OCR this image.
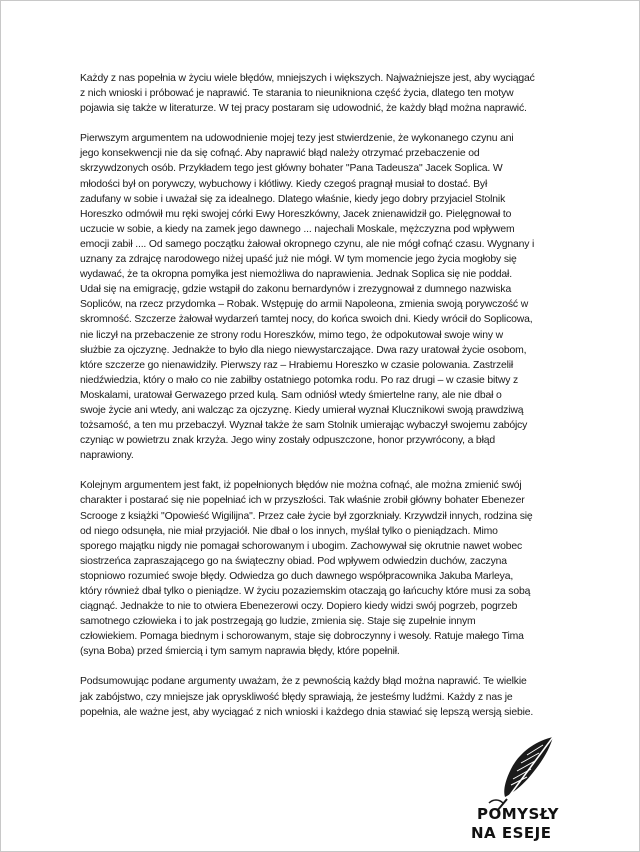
Każdy z nas popełnia w życiu wiele błędów, mniejszych i większych. Najważniejsze jest, aby wyciągać
z nich wnioski i próbować je naprawić. Te starania to nieunikniona część życia, dlatego ten motyw
pojawia się także w literaturze. W tej pracy postaram się udowodnić, że każdy błąd można naprawić.

Pierwszym argumentem na udowodnienie mojej tezy jest stwierdzenie, że wykonanego czynu ani
jego konsekwencji nie da się cofnąć. Aby naprawić błąd należy otrzymać przebaczenie od
skrzywdzonych osób. Przykładem tego jest główny bohater "Pana Tadeusza" Jacek Soplica. W
młodości był on porywczy, wybuchowy i kłótliwy. Kiedy czegoś pragnął musiał to dostać. Był
zadufany w sobie i uważał się za idealnego. Dlatego właśnie, kiedy jego dobry przyjaciel Stolnik
Horeszko odmówił mu ręki swojej córki Ewy Horeszkówny, Jacek znienawidził go. Pielęgnował to
uczucie w sobie, a kiedy na zamek jego dawnego ... najechali Moskale, mężczyzna pod wpływem
emocji zabił .... Od samego początku żałował okropnego czynu, ale nie mógł cofnąć czasu. Wygnany i
uznany za zdrajcę narodowego niżej upaść już nie mógł. W tym momencie jego życia mogłoby się
wydawać, że ta okropna pomyłka jest niemożliwa do naprawienia. Jednak Soplica się nie poddał.
Udał się na emigrację, gdzie wstąpił do zakonu bernardynów i zrezygnował z dumnego nazwiska
Sopliców, na rzecz przydomka – Robak. Wstępuję do armii Napoleona, zmienia swoją porywczość w
skromność. Szczerze żałował wydarzeń tamtej nocy, do końca swoich dni. Kiedy wrócił do Soplicowa,
nie liczył na przebaczenie ze strony rodu Horeszków, mimo tego, że odpokutował swoje winy w
służbie za ojczyznę. Jednakże to było dla niego niewystarczające. Dwa razy uratował życie osobom,
które szczerze go nienawidziły. Pierwszy raz – Hrabiemu Horeszko w czasie polowania. Zastrzelił
niedźwiedzia, który o mało co nie zabiłby ostatniego potomka rodu. Po raz drugi – w czasie bitwy z
Moskalami, uratował Gerwazego przed kulą. Sam odniósł wtedy śmiertelne rany, ale nie dbał o
swoje życie ani wtedy, ani walcząc za ojczyznę. Kiedy umierał wyznał Klucznikowi swoją prawdziwą
tożsamość, a ten mu przebaczył. Wyznał także że sam Stolnik umierając wybaczył swojemu zabójcy
czyniąc w powietrzu znak krzyża. Jego winy zostały odpuszczone, honor przywrócony, a błąd
naprawiony.

Kolejnym argumentem jest fakt, iż popełnionych błędów nie można cofnąć, ale można zmienić swój
charakter i postarać się nie popełniać ich w przyszłości. Tak właśnie zrobił główny bohater Ebenezer
Scrooge z książki "Opowieść Wigilijna". Przez całe życie był zgorzkniały. Krzywdził innych, rodzina się
od niego odsunęła, nie miał przyjaciół. Nie dbał o los innych, myślał tylko o pieniądzach. Mimo
sporego majątku nigdy nie pomagał schorowanym i ubogim. Zachowywał się okrutnie nawet wobec
siostrzeńca zapraszającego go na świąteczny obiad. Pod wpływem odwiedzin duchów, zaczyna
stopniowo rozumieć swoje błędy. Odwiedza go duch dawnego współpracownika Jakuba Marleya,
który również dbał tylko o pieniądze. W życiu pozaziemskim otaczają go łańcuchy które musi za sobą
ciągnąć. Jednakże to nie to otwiera Ebenezerowi oczy. Dopiero kiedy widzi swój pogrzeb, pogrzeb
samotnego człowieka i to jak postrzegają go ludzie, zmienia się. Staje się zupełnie innym
człowiekiem. Pomaga biednym i schorowanym, staje się dobroczynny i wesoły. Ratuje małego Tima
(syna Boba) przed śmiercią i tym samym naprawia błędy, które popełnił.

Podsumowując podane argumenty uważam, że z pewnością każdy błąd można naprawić. Te wielkie
jak zabójstwo, czy mniejsze jak opryskliwość błędy sprawiają, że jesteśmy ludźmi. Każdy z nas je
popełnia, ale ważne jest, aby wyciągać z nich wnioski i każdego dnia stawiać się lepszą wersją siebie.

POMYSŁY
NA ESEJE
